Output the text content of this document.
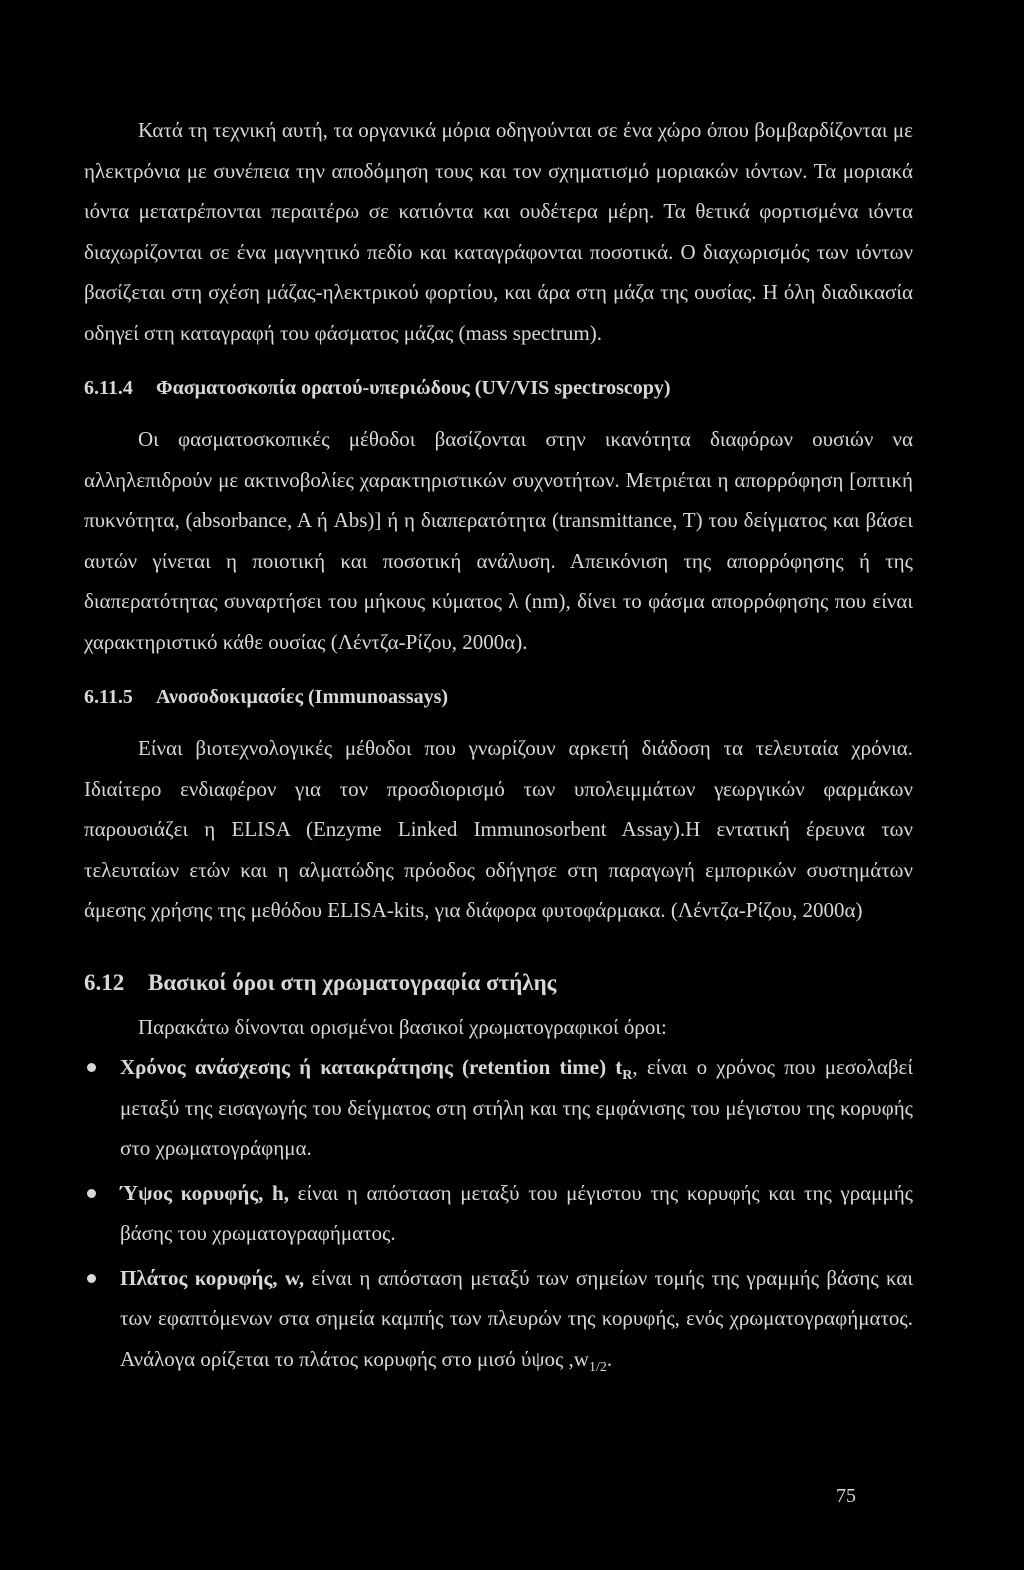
Κατά τη τεχνική αυτή, τα οργανικά μόρια οδηγούνται σε ένα χώρο όπου βομβαρδίζονται με ηλεκτρόνια με συνέπεια την αποδόμηση τους και τον σχηματισμό μοριακών ιόντων. Τα μοριακά ιόντα μετατρέπονται περαιτέρω σε κατιόντα και ουδέτερα μέρη. Τα θετικά φορτισμένα ιόντα διαχωρίζονται σε ένα μαγνητικό πεδίο και καταγράφονται ποσοτικά. Ο διαχωρισμός των ιόντων βασίζεται στη σχέση μάζας-ηλεκτρικού φορτίου, και άρα στη μάζα της ουσίας. Η όλη διαδικασία οδηγεί στη καταγραφή του φάσματος μάζας (mass spectrum).

6.11.4 Φασματοσκοπία ορατού-υπεριώδους (UV/VIS spectroscopy)

Οι φασματοσκοπικές μέθοδοι βασίζονται στην ικανότητα διαφόρων ουσιών να αλληλεπιδρούν με ακτινοβολίες χαρακτηριστικών συχνοτήτων. Μετριέται η απορρόφηση [οπτική πυκνότητα, (absorbance, A ή Abs)] ή η διαπερατότητα (transmittance, T) του δείγματος και βάσει αυτών γίνεται η ποιοτική και ποσοτική ανάλυση. Απεικόνιση της απορρόφησης ή της διαπερατότητας συναρτήσει του μήκους κύματος λ (nm), δίνει το φάσμα απορρόφησης που είναι χαρακτηριστικό κάθε ουσίας (Λέντζα-Ρίζου, 2000α).

6.11.5 Ανοσοδοκιμασίες (Immunoassays)

Είναι βιοτεχνολογικές μέθοδοι που γνωρίζουν αρκετή διάδοση τα τελευταία χρόνια. Ιδιαίτερο ενδιαφέρον για τον προσδιορισμό των υπολειμμάτων γεωργικών φαρμάκων παρουσιάζει η ELISA (Enzyme Linked Immunosorbent Assay).Η εντατική έρευνα των τελευταίων ετών και η αλματώδης πρόοδος οδήγησε στη παραγωγή εμπορικών συστημάτων άμεσης χρήσης της μεθόδου ELISA-kits, για διάφορα φυτοφάρμακα. (Λέντζα-Ρίζου, 2000α)

6.12 Βασικοί όροι στη χρωματογραφία στήλης

Παρακάτω δίνονται ορισμένοι βασικοί χρωματογραφικοί όροι:

Χρόνος ανάσχεσης ή κατακράτησης (retention time) $t_R$, είναι ο χρόνος που μεσολαβεί μεταξύ της εισαγωγής του δείγματος στη στήλη και της εμφάνισης του μέγιστου της κορυφής στο χρωματογράφημα.
Ύψος κορυφής, h, είναι η απόσταση μεταξύ του μέγιστου της κορυφής και της γραμμής βάσης του χρωματογραφήματος.
Πλάτος κορυφής, w, είναι η απόσταση μεταξύ των σημείων τομής της γραμμής βάσης και των εφαπτόμενων στα σημεία καμπής των πλευρών της κορυφής, ενός χρωματογραφήματος. Ανάλογα ορίζεται το πλάτος κορυφής στο μισό ύψος $,w_{1/2}$.
75
